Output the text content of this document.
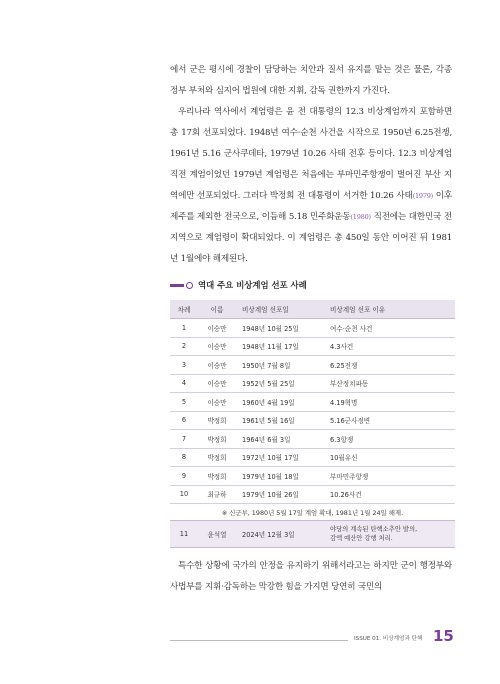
에서 군은 평시에 경찰이 담당하는 치안과 질서 유지를 맡는 것은 물론, 각종 정부 부처와 심지어 법원에 대한 지휘, 감독 권한까지 가진다.

우리나라 역사에서 계엄령은 윤 전 대통령의 12.3 비상계엄까지 포함하면 총 17회 선포되었다. 1948년 여수·순천 사건을 시작으로 1950년 6.25전쟁, 1961년 5.16 군사쿠데타, 1979년 10.26 사태 전후 등이다. 12.3 비상계엄 직전 계엄이었던 1979년 계엄령은 처음에는 부마민주항쟁이 벌어진 부산 지역에만 선포되었다. 그러다 박정희 전 대통령이 서거한 10.26 사태(1979) 이후 제주를 제외한 전국으로, 이듬해 5.18 민주화운동(1980) 직전에는 대한민국 전 지역으로 계엄령이 확대되었다. 이 계엄령은 총 450일 동안 이어진 뒤 1981년 1월에야 해제된다.

역대 주요 비상계엄 선포 사례
차례	이름	비상계엄 선포일	비상계엄 선포 이유
1	이승만	1948년 10월 25일	여수·순천 사건
2	이승만	1948년 11월 17일	4.3사건
3	이승만	1950년 7월 8일	6.25전쟁
4	이승만	1952년 5월 25일	부산정치파동
5	이승만	1960년 4월 19일	4.19혁명
6	박정희	1961년 5월 16일	5.16군사정변
7	박정희	1964년 6월 3일	6.3항쟁
8	박정희	1972년 10월 17일	10월유신
9	박정희	1979년 10월 18일	부마민주항쟁
10	최규하	1979년 10월 26일	10.26사건
※ 신군부, 1980년 5월 17일 계엄 확대, 1981년 1월 24일 해제.			
11	윤석열	2024년 12월 3일	야당의 계속된 탄핵소추안 발의,
감액 예산안 강행 처리.

특수한 상황에 국가의 안정을 유지하기 위해서라고는 하지만 군이 행정부와 사법부를 지휘·감독하는 막강한 힘을 가지면 당연히 국민의

ISSUE 01. 비상계엄과 탄핵 15
